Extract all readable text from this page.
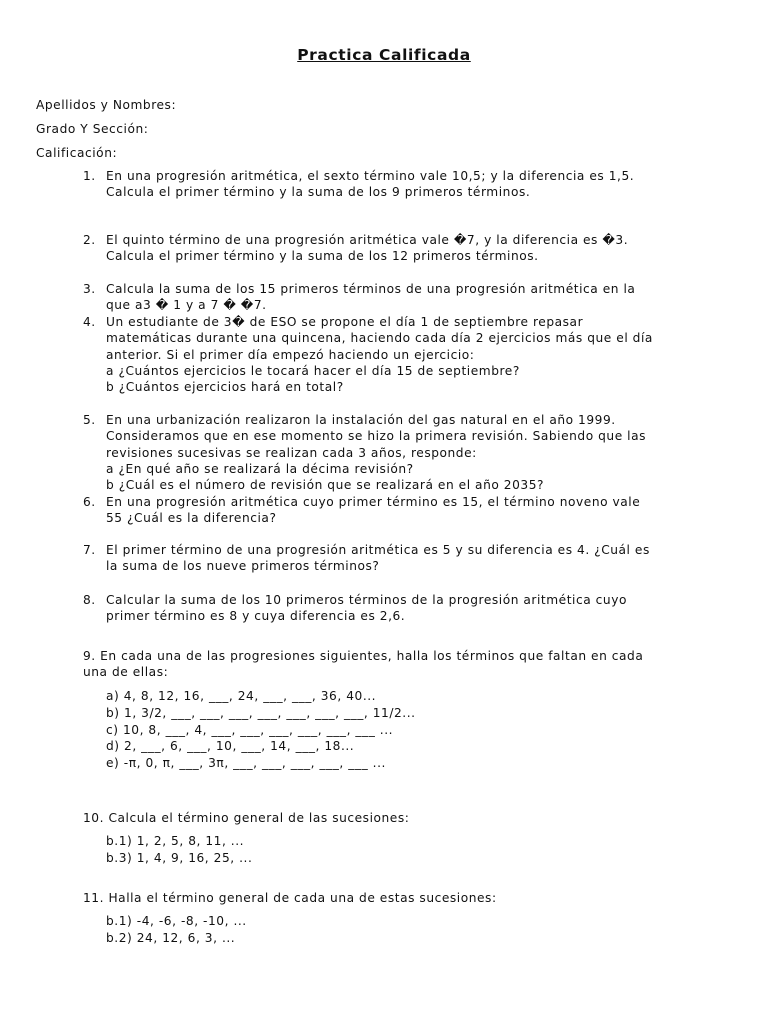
Practica Calificada
Apellidos y Nombres:
Grado Y Sección:
Calificación:
1. En una progresión aritmética, el sexto término vale 10,5; y la diferencia es 1,5.
Calcula el primer término y la suma de los 9 primeros términos.
2. El quinto término de una progresión aritmética vale �7, y la diferencia es �3.
Calcula el primer término y la suma de los 12 primeros términos.
3. Calcula la suma de los 15 primeros términos de una progresión aritmética en la
que a3 � 1 y a 7 � �7.
4. Un estudiante de 3� de ESO se propone el día 1 de septiembre repasar
matemáticas durante una quincena, haciendo cada día 2 ejercicios más que el día
anterior. Si el primer día empezó haciendo un ejercicio:
a ¿Cuántos ejercicios le tocará hacer el día 15 de septiembre?
b ¿Cuántos ejercicios hará en total?
5. En una urbanización realizaron la instalación del gas natural en el año 1999.
Consideramos que en ese momento se hizo la primera revisión. Sabiendo que las
revisiones sucesivas se realizan cada 3 años, responde:
a ¿En qué año se realizará la décima revisión?
b ¿Cuál es el número de revisión que se realizará en el año 2035?
6. En una progresión aritmética cuyo primer término es 15, el término noveno vale
55 ¿Cuál es la diferencia?
7. El primer término de una progresión aritmética es 5 y su diferencia es 4. ¿Cuál es
la suma de los nueve primeros términos?
8. Calcular la suma de los 10 primeros términos de la progresión aritmética cuyo
primer término es 8 y cuya diferencia es 2,6.
9. En cada una de las progresiones siguientes, halla los términos que faltan en cada
una de ellas:
a) 4, 8, 12, 16, ___, 24, ___, ___, 36, 40...
b) 1, 3/2, ___, ___, ___, ___, ___, ___, ___, 11/2...
c) 10, 8, ___, 4, ___, ___, ___, ___, ___, ___ ...
d) 2, ___, 6, ___, 10, ___, 14, ___, 18...
e) -π, 0, π, ___, 3π, ___, ___, ___, ___, ___ ...
10. Calcula el término general de las sucesiones:
b.1) 1, 2, 5, 8, 11, ...
b.3) 1, 4, 9, 16, 25, ...
11. Halla el término general de cada una de estas sucesiones:
b.1) -4, -6, -8, -10, ...
b.2) 24, 12, 6, 3, ...
